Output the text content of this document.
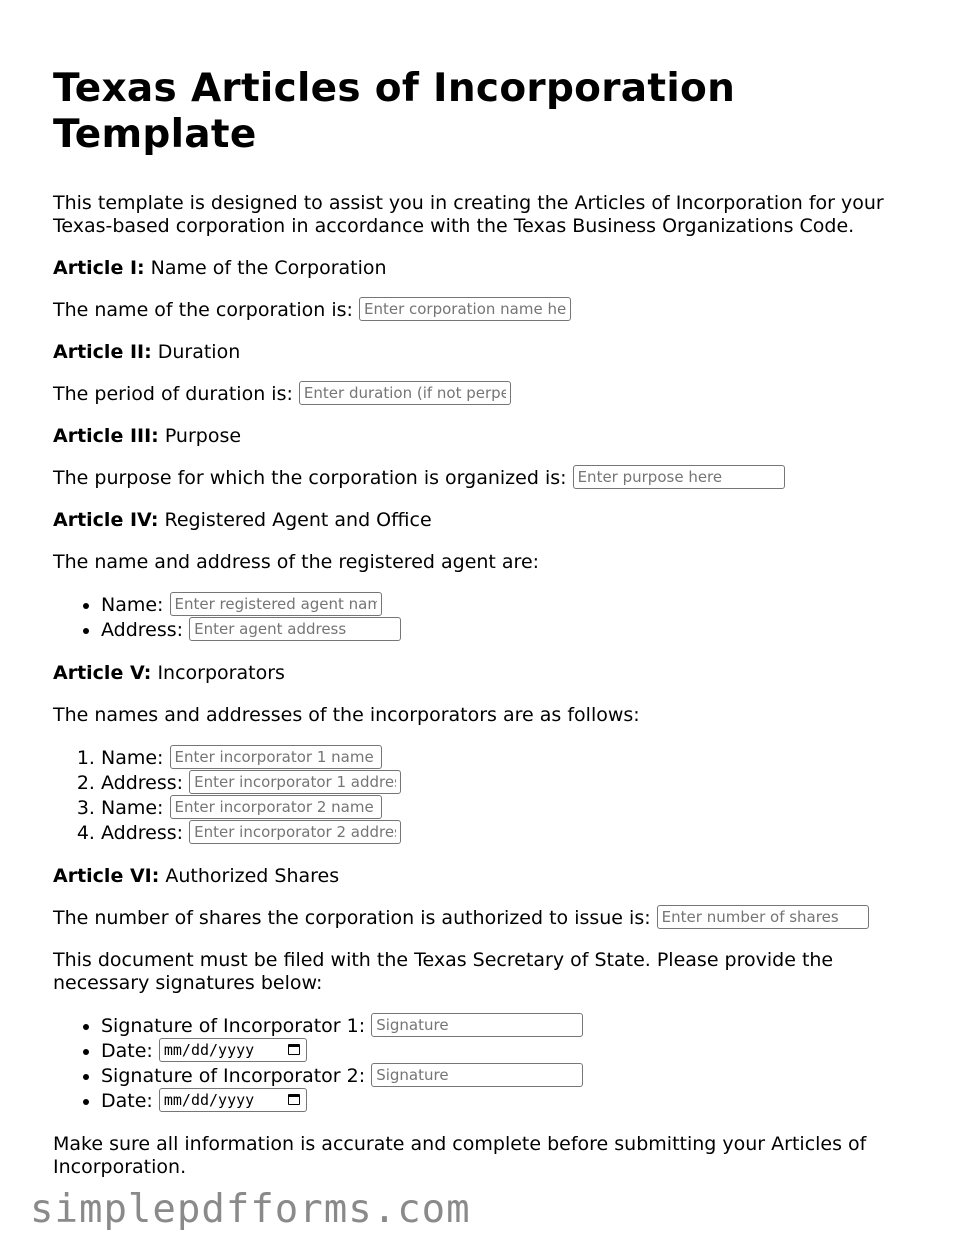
Texas Articles of Incorporation Template

This template is designed to assist you in creating the Articles of Incorporation for your Texas-based corporation in accordance with the Texas Business Organizations Code.

Article I: Name of the Corporation

The name of the corporation is: Enter corporation name here

Article II: Duration

The period of duration is: Enter duration (if not perpetual)

Article III: Purpose

The purpose for which the corporation is organized is: Enter purpose here

Article IV: Registered Agent and Office

The name and address of the registered agent are:

• Name: Enter registered agent name
• Address: Enter agent address

Article V: Incorporators

The names and addresses of the incorporators are as follows:

1. Name: Enter incorporator 1 name
2. Address: Enter incorporator 1 address
3. Name: Enter incorporator 2 name
4. Address: Enter incorporator 2 address

Article VI: Authorized Shares

The number of shares the corporation is authorized to issue is: Enter number of shares

This document must be filed with the Texas Secretary of State. Please provide the necessary signatures below:

• Signature of Incorporator 1: Signature
• Date: mm/dd/yyyy
• Signature of Incorporator 2: Signature
• Date: mm/dd/yyyy

Make sure all information is accurate and complete before submitting your Articles of Incorporation.

simplepdfforms.com
